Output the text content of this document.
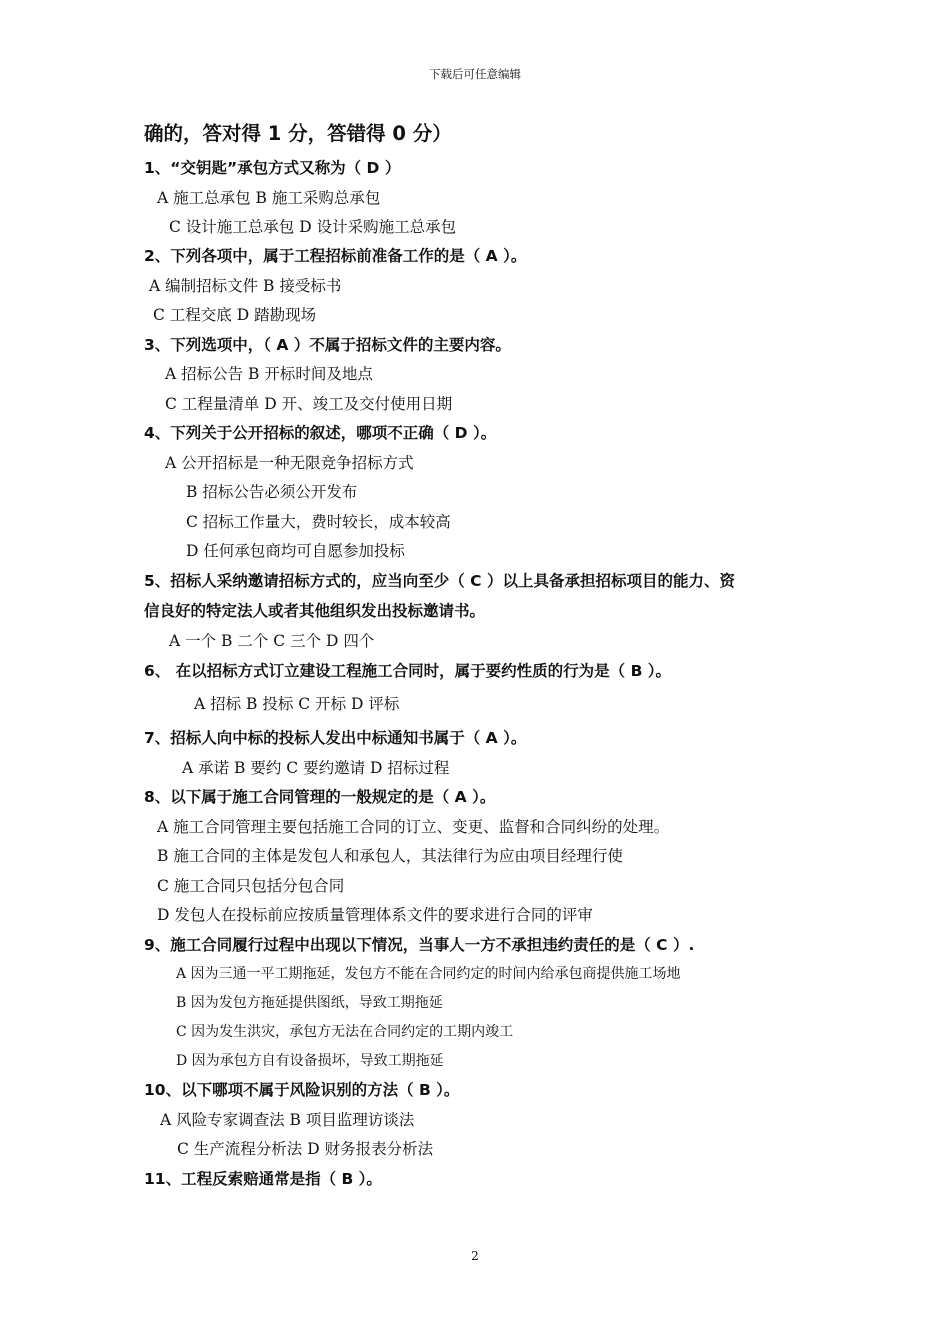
下载后可任意编辑
确的，答对得 1 分，答错得 0 分）
1、“交钥匙”承包方式又称为（ D ）
A 施工总承包 B 施工采购总承包
C 设计施工总承包 D 设计采购施工总承包
2、下列各项中，属于工程招标前准备工作的是（ A ）。
A 编制招标文件 B 接受标书
C 工程交底 D 踏勘现场
3、下列选项中，（ A ）不属于招标文件的主要内容。
A 招标公告 B 开标时间及地点
C 工程量清单 D 开、竣工及交付使用日期
4、下列关于公开招标的叙述，哪项不正确（ D ）。
A 公开招标是一种无限竞争招标方式
B 招标公告必须公开发布
C 招标工作量大，费时较长，成本较高
D 任何承包商均可自愿参加投标
5、招标人采纳邀请招标方式的，应当向至少（ C ）以上具备承担招标项目的能力、资
信良好的特定法人或者其他组织发出投标邀请书。
A 一个 B 二个 C 三个 D 四个
6、 在以招标方式订立建设工程施工合同时，属于要约性质的行为是（ B ）。
A 招标 B 投标 C 开标 D 评标
7、招标人向中标的投标人发出中标通知书属于（ A ）。
A 承诺 B 要约 C 要约邀请 D 招标过程
8、以下属于施工合同管理的一般规定的是（ A ）。
A 施工合同管理主要包括施工合同的订立、变更、监督和合同纠纷的处理。
B 施工合同的主体是发包人和承包人，其法律行为应由项目经理行使
C 施工合同只包括分包合同
D 发包人在投标前应按质量管理体系文件的要求进行合同的评审
9、施工合同履行过程中出现以下情况，当事人一方不承担违约责任的是（ C ）.
A 因为三通一平工期拖延，发包方不能在合同约定的时间内给承包商提供施工场地
B 因为发包方拖延提供图纸，导致工期拖延
C 因为发生洪灾，承包方无法在合同约定的工期内竣工
D 因为承包方自有设备损坏，导致工期拖延
10、以下哪项不属于风险识别的方法（ B ）。
A 风险专家调查法 B 项目监理访谈法
C 生产流程分析法 D 财务报表分析法
11、工程反索赔通常是指（ B ）。
2
